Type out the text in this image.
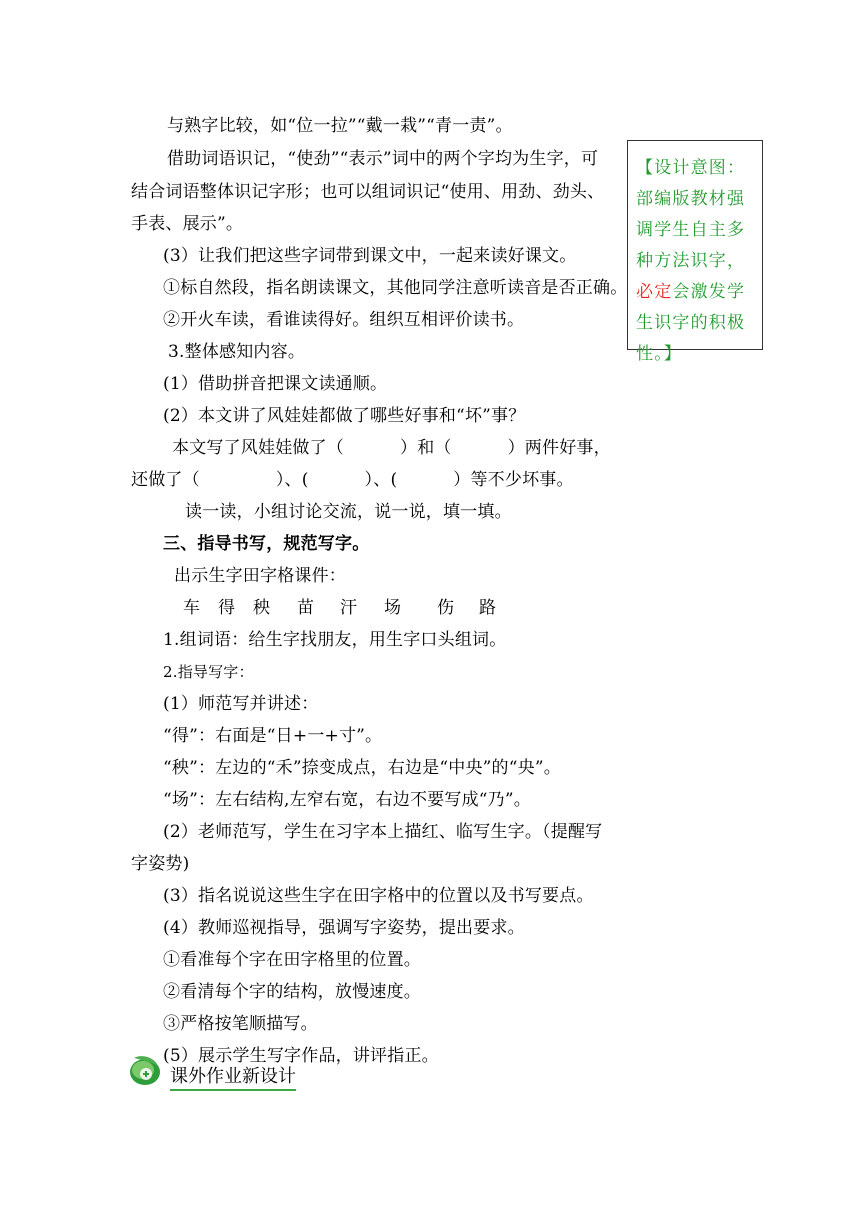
与熟字比较，如“位一拉”“戴一栽”“青一责”。
借助词语识记，“使劲”“表示”词中的两个字均为生字，可
结合词语整体识记字形；也可以组词识记“使用、用劲、劲头、
手表、展示”。
(3）让我们把这些字词带到课文中，一起来读好课文。
①标自然段，指名朗读课文，其他同学注意听读音是否正确。
②开火车读，看谁读得好。组织互相评价读书。
3.整体感知内容。
(1）借助拼音把课文读通顺。
(2）本文讲了风娃娃都做了哪些好事和“坏”事？
本文写了风娃娃做了（	）和（	）两件好事，
还做了（	）、(	）、(	）等不少坏事。
读一读，小组讨论交流，说一说，填一填。
三、指导书写，规范写字。
出示生字田字格课件：
车 得 秧 苗 汗 场 伤 路
1.组词语：给生字找朋友，用生字口头组词。
2.指导写字：
(1）师范写并讲述：
“得”：右面是“日+一+寸”。
“秧”：左边的“禾”捺变成点，右边是“中央”的“央”。
“场”：左右结构,左窄右宽，右边不要写成“乃”。
(2）老师范写，学生在习字本上描红、临写生字。（提醒写
字姿势)
(3）指名说说这些生字在田字格中的位置以及书写要点。
(4）教师巡视指导，强调写字姿势，提出要求。
①看准每个字在田字格里的位置。
②看清每个字的结构，放慢速度。
③严格按笔顺描写。
(5）展示学生写字作品，讲评指正。
【设计意图：部编版教材强调学生自主多种方法识字，必定会激发学生识字的积极性。】
课外作业新设计
